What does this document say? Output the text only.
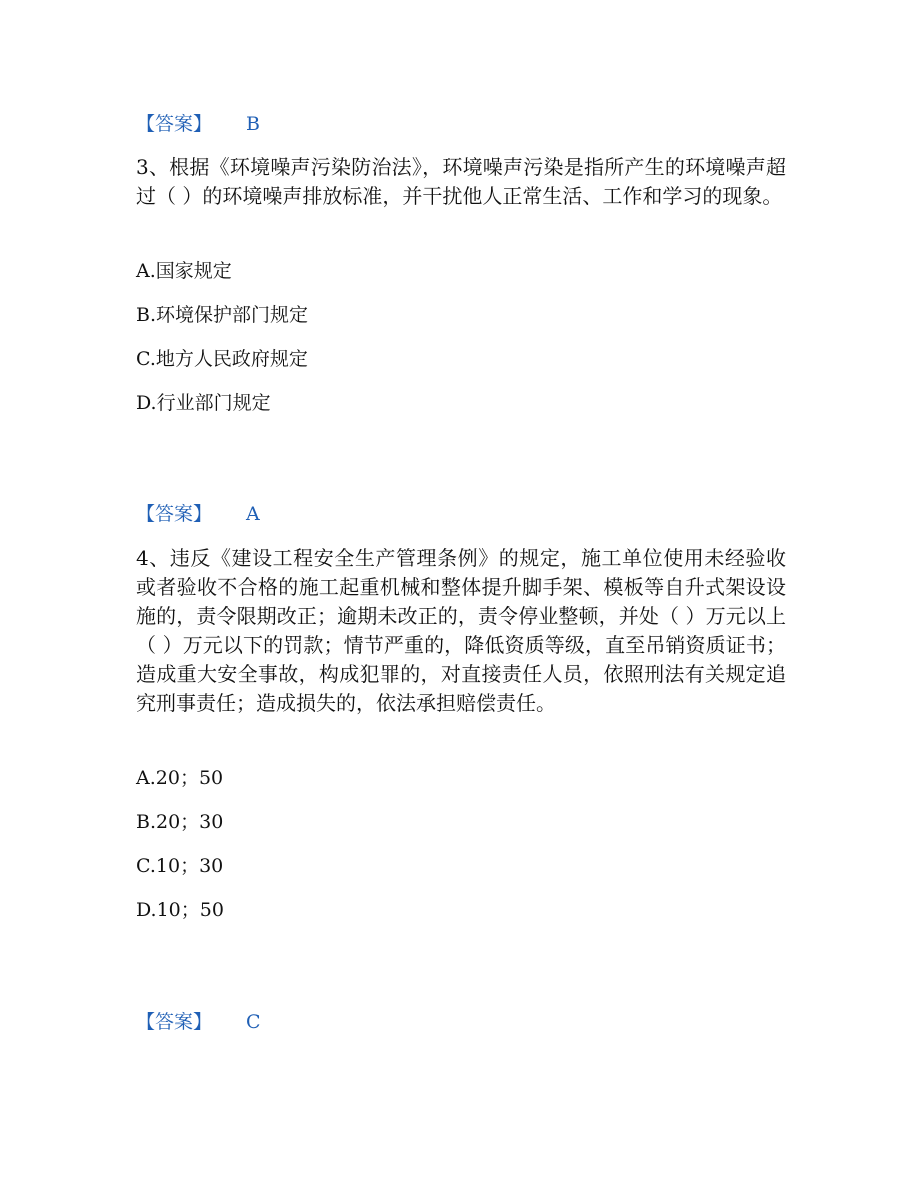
【答案】 B

3、根据《环境噪声污染防治法》，环境噪声污染是指所产生的环境噪声超过（ ）的环境噪声排放标准，并干扰他人正常生活、工作和学习的现象。

A.国家规定
B.环境保护部门规定
C.地方人民政府规定
D.行业部门规定
【答案】 A

4、违反《建设工程安全生产管理条例》的规定，施工单位使用未经验收或者验收不合格的施工起重机械和整体提升脚手架、模板等自升式架设设施的，责令限期改正；逾期未改正的，责令停业整顿，并处（ ）万元以上（ ）万元以下的罚款；情节严重的，降低资质等级，直至吊销资质证书；造成重大安全事故，构成犯罪的，对直接责任人员，依照刑法有关规定追究刑事责任；造成损失的，依法承担赔偿责任。

A.20；50
B.20；30
C.10；30
D.10；50
【答案】 C
